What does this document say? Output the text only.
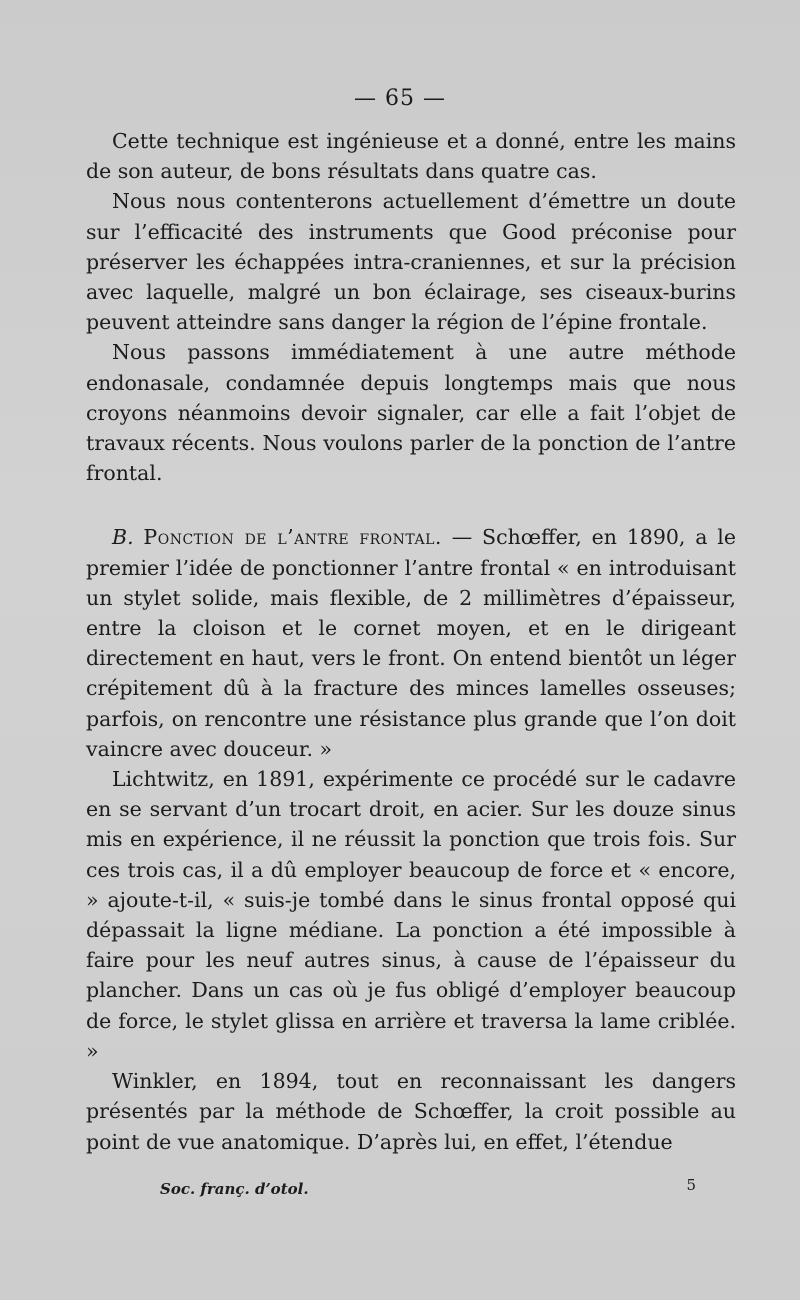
— 65 —

Cette technique est ingénieuse et a donné, entre les mains de son auteur, de bons résultats dans quatre cas.

Nous nous contenterons actuellement d’émettre un doute sur l’efficacité des instruments que Good préconise pour préserver les échappées intra-craniennes, et sur la précision avec laquelle, malgré un bon éclairage, ses ciseaux-burins peuvent atteindre sans danger la région de l’épine frontale.

Nous passons immédiatement à une autre méthode endonasale, condamnée depuis longtemps mais que nous croyons néanmoins devoir signaler, car elle a fait l’objet de travaux récents. Nous voulons parler de la ponction de l’antre frontal.

B. Ponction de l’antre frontal. — Schœffer, en 1890, a le premier l’idée de ponctionner l’antre frontal « en introduisant un stylet solide, mais flexible, de 2 millimètres d’épaisseur, entre la cloison et le cornet moyen, et en le dirigeant directement en haut, vers le front. On entend bientôt un léger crépitement dû à la fracture des minces lamelles osseuses; parfois, on rencontre une résistance plus grande que l’on doit vaincre avec douceur. »

Lichtwitz, en 1891, expérimente ce procédé sur le cadavre en se servant d’un trocart droit, en acier. Sur les douze sinus mis en expérience, il ne réussit la ponction que trois fois. Sur ces trois cas, il a dû employer beaucoup de force et « encore, » ajoute-t-il, « suis-je tombé dans le sinus frontal opposé qui dépassait la ligne médiane. La ponction a été impossible à faire pour les neuf autres sinus, à cause de l’épaisseur du plancher. Dans un cas où je fus obligé d’employer beaucoup de force, le stylet glissa en arrière et traversa la lame criblée. »

Winkler, en 1894, tout en reconnaissant les dangers présentés par la méthode de Schœffer, la croit possible au point de vue anatomique. D’après lui, en effet, l’étendue

Soc. franç. d’otol.	5
